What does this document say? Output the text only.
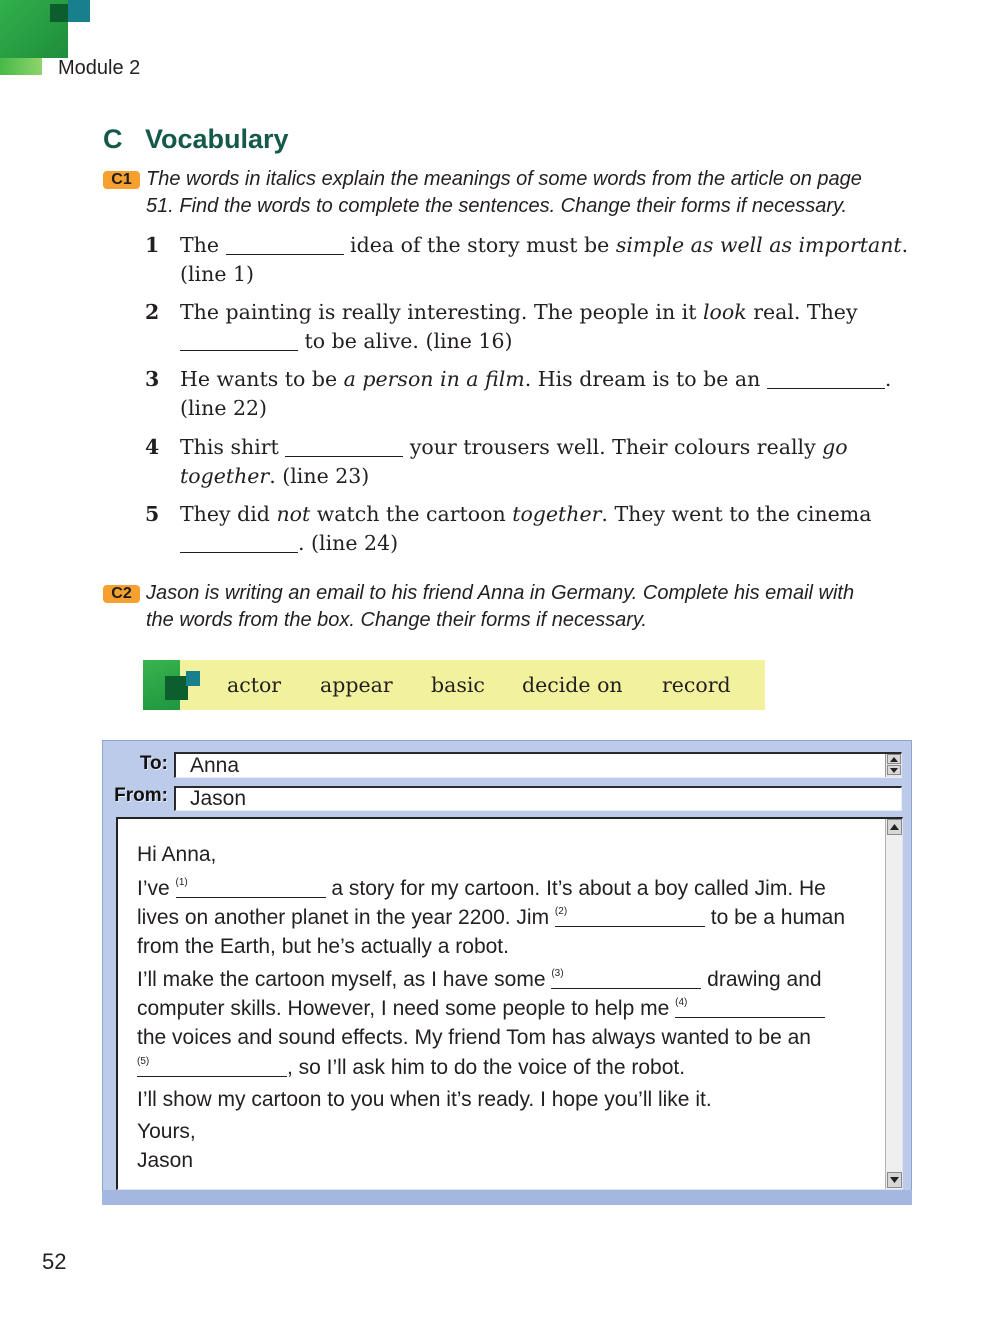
Module 2
C Vocabulary
C1 The words in italics explain the meanings of some words from the article on page
51. Find the words to complete the sentences. Change their forms if necessary.
1 The	idea of the story must be simple as well as important.
(line 1)
2 The painting is really interesting. The people in it look real. They
to be alive. (line 16)
3 He wants to be a person in a film. His dream is to be an	.
(line 22)
4 This shirt	your trousers well. Their colours really go
together. (line 23)
5 They did not watch the cartoon together. They went to the cinema
. (line 24)
C2 Jason is writing an email to his friend Anna in Germany. Complete his email with
the words from the box. Change their forms if necessary.
actor appear basic decide on record
To:	Anna
From:	Jason
Hi Anna,
I’ve (1)	a story for my cartoon. It’s about a boy called Jim. He
lives on another planet in the year 2200. Jim (2)	to be a human
from the Earth, but he’s actually a robot.
I’ll make the cartoon myself, as I have some (3)	drawing and
computer skills. However, I need some people to help me (4)
the voices and sound effects. My friend Tom has always wanted to be an
(5)	, so I’ll ask him to do the voice of the robot.
I’ll show my cartoon to you when it’s ready. I hope you’ll like it.
Yours,
Jason
52
